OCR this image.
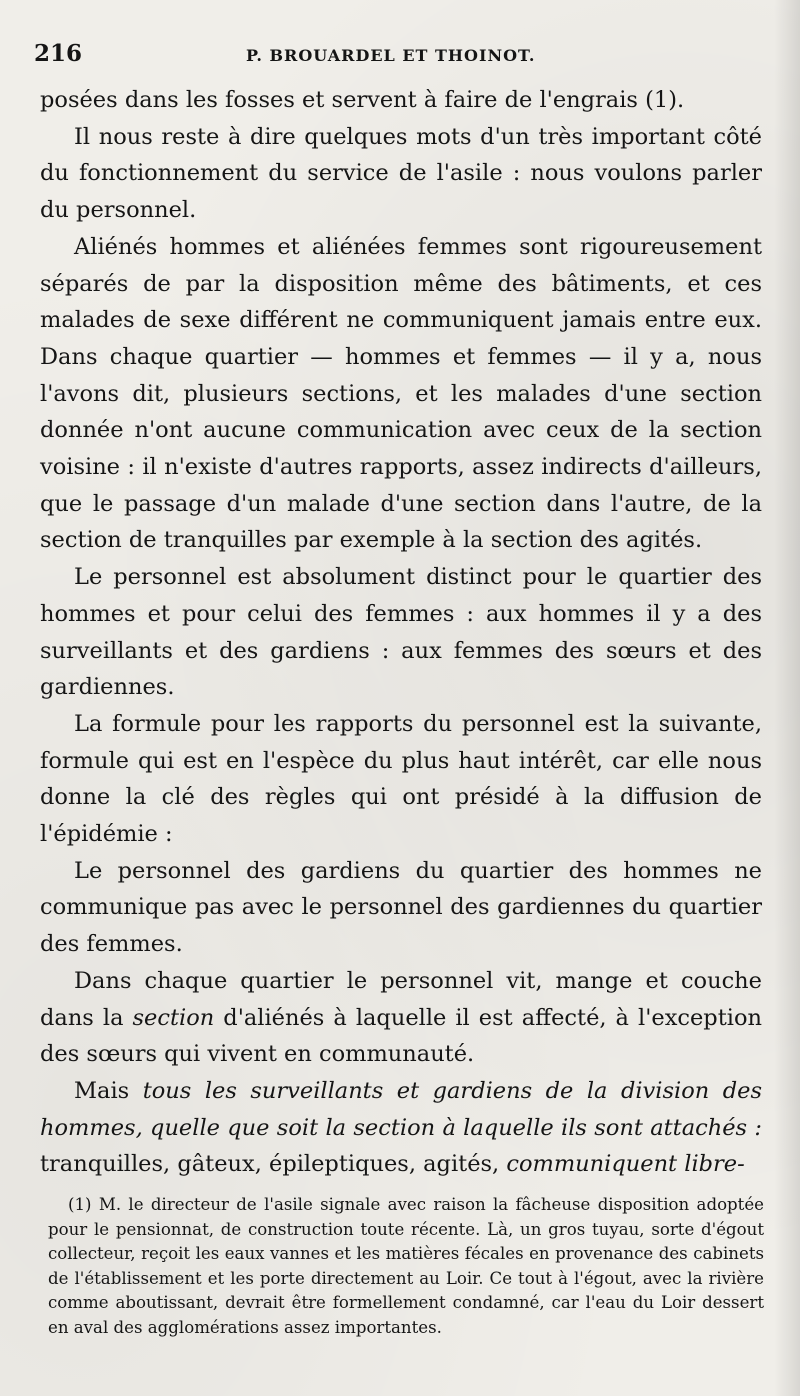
216	P. BROUARDEL ET THOINOT.

posées dans les fosses et servent à faire de l'engrais (1).

Il nous reste à dire quelques mots d'un très important côté du fonctionnement du service de l'asile : nous voulons parler du personnel.

Aliénés hommes et aliénées femmes sont rigoureusement séparés de par la disposition même des bâtiments, et ces malades de sexe différent ne communiquent jamais entre eux. Dans chaque quartier — hommes et femmes — il y a, nous l'avons dit, plusieurs sections, et les malades d'une section donnée n'ont aucune communication avec ceux de la section voisine : il n'existe d'autres rapports, assez indirects d'ailleurs, que le passage d'un malade d'une section dans l'autre, de la section de tranquilles par exemple à la section des agités.

Le personnel est absolument distinct pour le quartier des hommes et pour celui des femmes : aux hommes il y a des surveillants et des gardiens : aux femmes des sœurs et des gardiennes.

La formule pour les rapports du personnel est la suivante, formule qui est en l'espèce du plus haut intérêt, car elle nous donne la clé des règles qui ont présidé à la diffusion de l'épidémie :

Le personnel des gardiens du quartier des hommes ne communique pas avec le personnel des gardiennes du quartier des femmes.

Dans chaque quartier le personnel vit, mange et couche dans la section d'aliénés à laquelle il est affecté, à l'exception des sœurs qui vivent en communauté.

Mais tous les surveillants et gardiens de la division des hommes, quelle que soit la section à laquelle ils sont attachés : tranquilles, gâteux, épileptiques, agités, communiquent libre-

(1) M. le directeur de l'asile signale avec raison la fâcheuse disposition adoptée pour le pensionnat, de construction toute récente. Là, un gros tuyau, sorte d'égout collecteur, reçoit les eaux vannes et les matières fécales en provenance des cabinets de l'établissement et les porte directement au Loir. Ce tout à l'égout, avec la rivière comme aboutissant, devrait être formellement condamné, car l'eau du Loir dessert en aval des agglomérations assez importantes.
